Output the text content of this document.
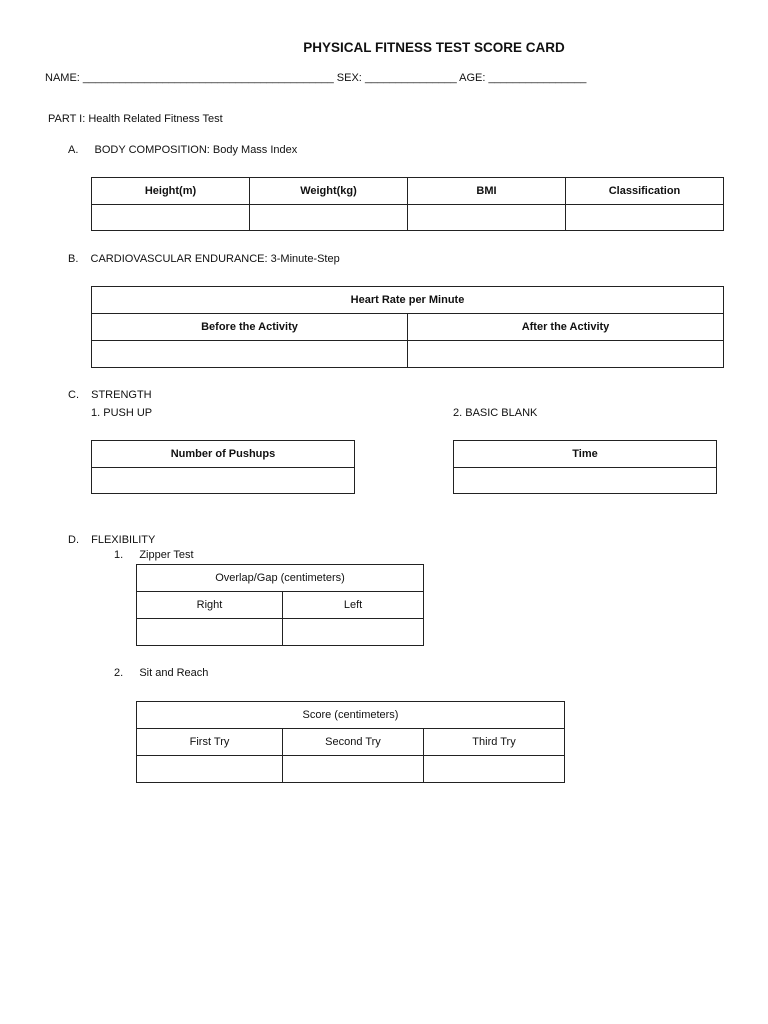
PHYSICAL FITNESS TEST SCORE CARD
NAME: _________________________________________ SEX: _______________ AGE: ________________
PART I: Health Related Fitness Test
A. BODY COMPOSITION: Body Mass Index
Height(m)	Weight(kg)	BMI	Classification

B. CARDIOVASCULAR ENDURANCE: 3-Minute-Step
Heart Rate per Minute	
Before the Activity	After the Activity

C. STRENGTH
1. PUSH UP	2. BASIC BLANK
Number of Pushups	Time

D. FLEXIBILITY
1. Zipper Test
Overlap/Gap (centimeters)	
Right	Left

2. Sit and Reach
Score (centimeters)		
First Try	Second Try	Third Try
